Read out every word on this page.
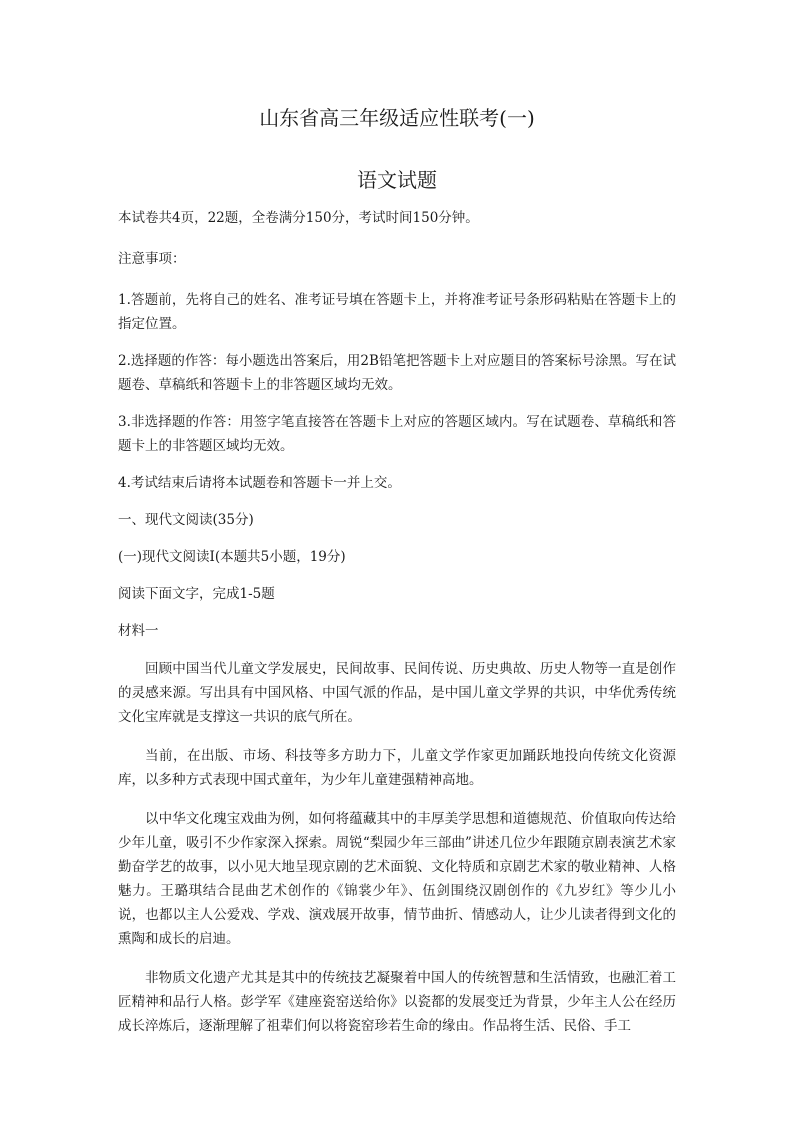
山东省高三年级适应性联考(一)
语文试题

本试卷共4页，22题，全卷满分150分，考试时间150分钟。

注意事项：

1.答题前，先将自己的姓名、准考证号填在答题卡上，并将准考证号条形码粘贴在答题卡上的指定位置。

2.选择题的作答：每小题选出答案后，用2B铅笔把答题卡上对应题目的答案标号涂黑。写在试题卷、草稿纸和答题卡上的非答题区域均无效。

3.非选择题的作答：用签字笔直接答在答题卡上对应的答题区域内。写在试题卷、草稿纸和答题卡上的非答题区域均无效。

4.考试结束后请将本试题卷和答题卡一并上交。

一、现代文阅读(35分)

(一)现代文阅读Ⅰ(本题共5小题，19分)

阅读下面文字，完成1-5题

材料一

回顾中国当代儿童文学发展史，民间故事、民间传说、历史典故、历史人物等一直是创作的灵感来源。写出具有中国风格、中国气派的作品，是中国儿童文学界的共识，中华优秀传统文化宝库就是支撑这一共识的底气所在。

当前，在出版、市场、科技等多方助力下，儿童文学作家更加踊跃地投向传统文化资源库，以多种方式表现中国式童年，为少年儿童建强精神高地。

以中华文化瑰宝戏曲为例，如何将蕴藏其中的丰厚美学思想和道德规范、价值取向传达给少年儿童，吸引不少作家深入探索。周锐“梨园少年三部曲”讲述几位少年跟随京剧表演艺术家勤奋学艺的故事，以小见大地呈现京剧的艺术面貌、文化特质和京剧艺术家的敬业精神、人格魅力。王璐琪结合昆曲艺术创作的《锦裳少年》、伍剑围绕汉剧创作的《九岁红》等少儿小说，也都以主人公爱戏、学戏、演戏展开故事，情节曲折、情感动人，让少儿读者得到文化的熏陶和成长的启迪。

非物质文化遗产尤其是其中的传统技艺凝聚着中国人的传统智慧和生活情致，也融汇着工匠精神和品行人格。彭学军《建座瓷窑送给你》以瓷都的发展变迁为背景，少年主人公在经历成长淬炼后，逐渐理解了祖辈们何以将瓷窑珍若生命的缘由。作品将生活、民俗、手工
